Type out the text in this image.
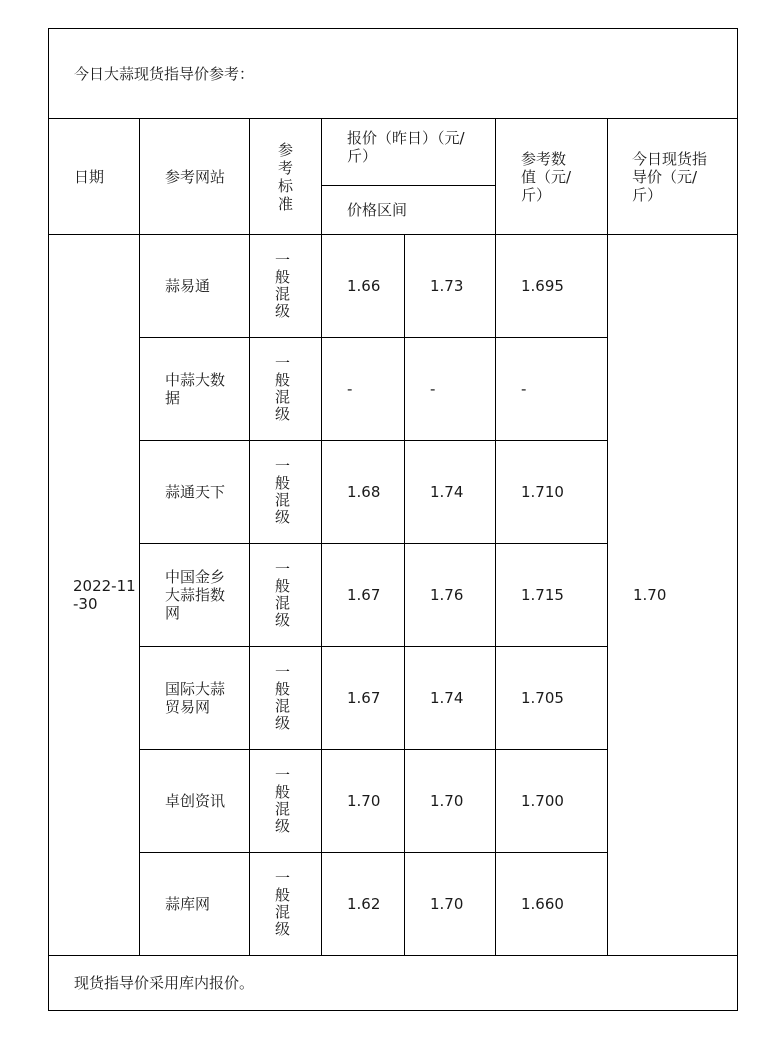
今日大蒜现货指导价参考：						
日期	参考网站	参考标准	报价（昨日）（元/斤）		参考数值（元/斤）	今日现货指导价（元/斤）
			价格区间			
2022-11-30	蒜易通	一般混级	1.66	1.73	1.695	1.70
	中蒜大数据	一般混级	-	-	-	
	蒜通天下	一般混级	1.68	1.74	1.710	
	中国金乡大蒜指数网	一般混级	1.67	1.76	1.715	
	国际大蒜贸易网	一般混级	1.67	1.74	1.705	
	卓创资讯	一般混级	1.70	1.70	1.700	
	蒜库网	一般混级	1.62	1.70	1.660	
现货指导价采用库内报价。						
